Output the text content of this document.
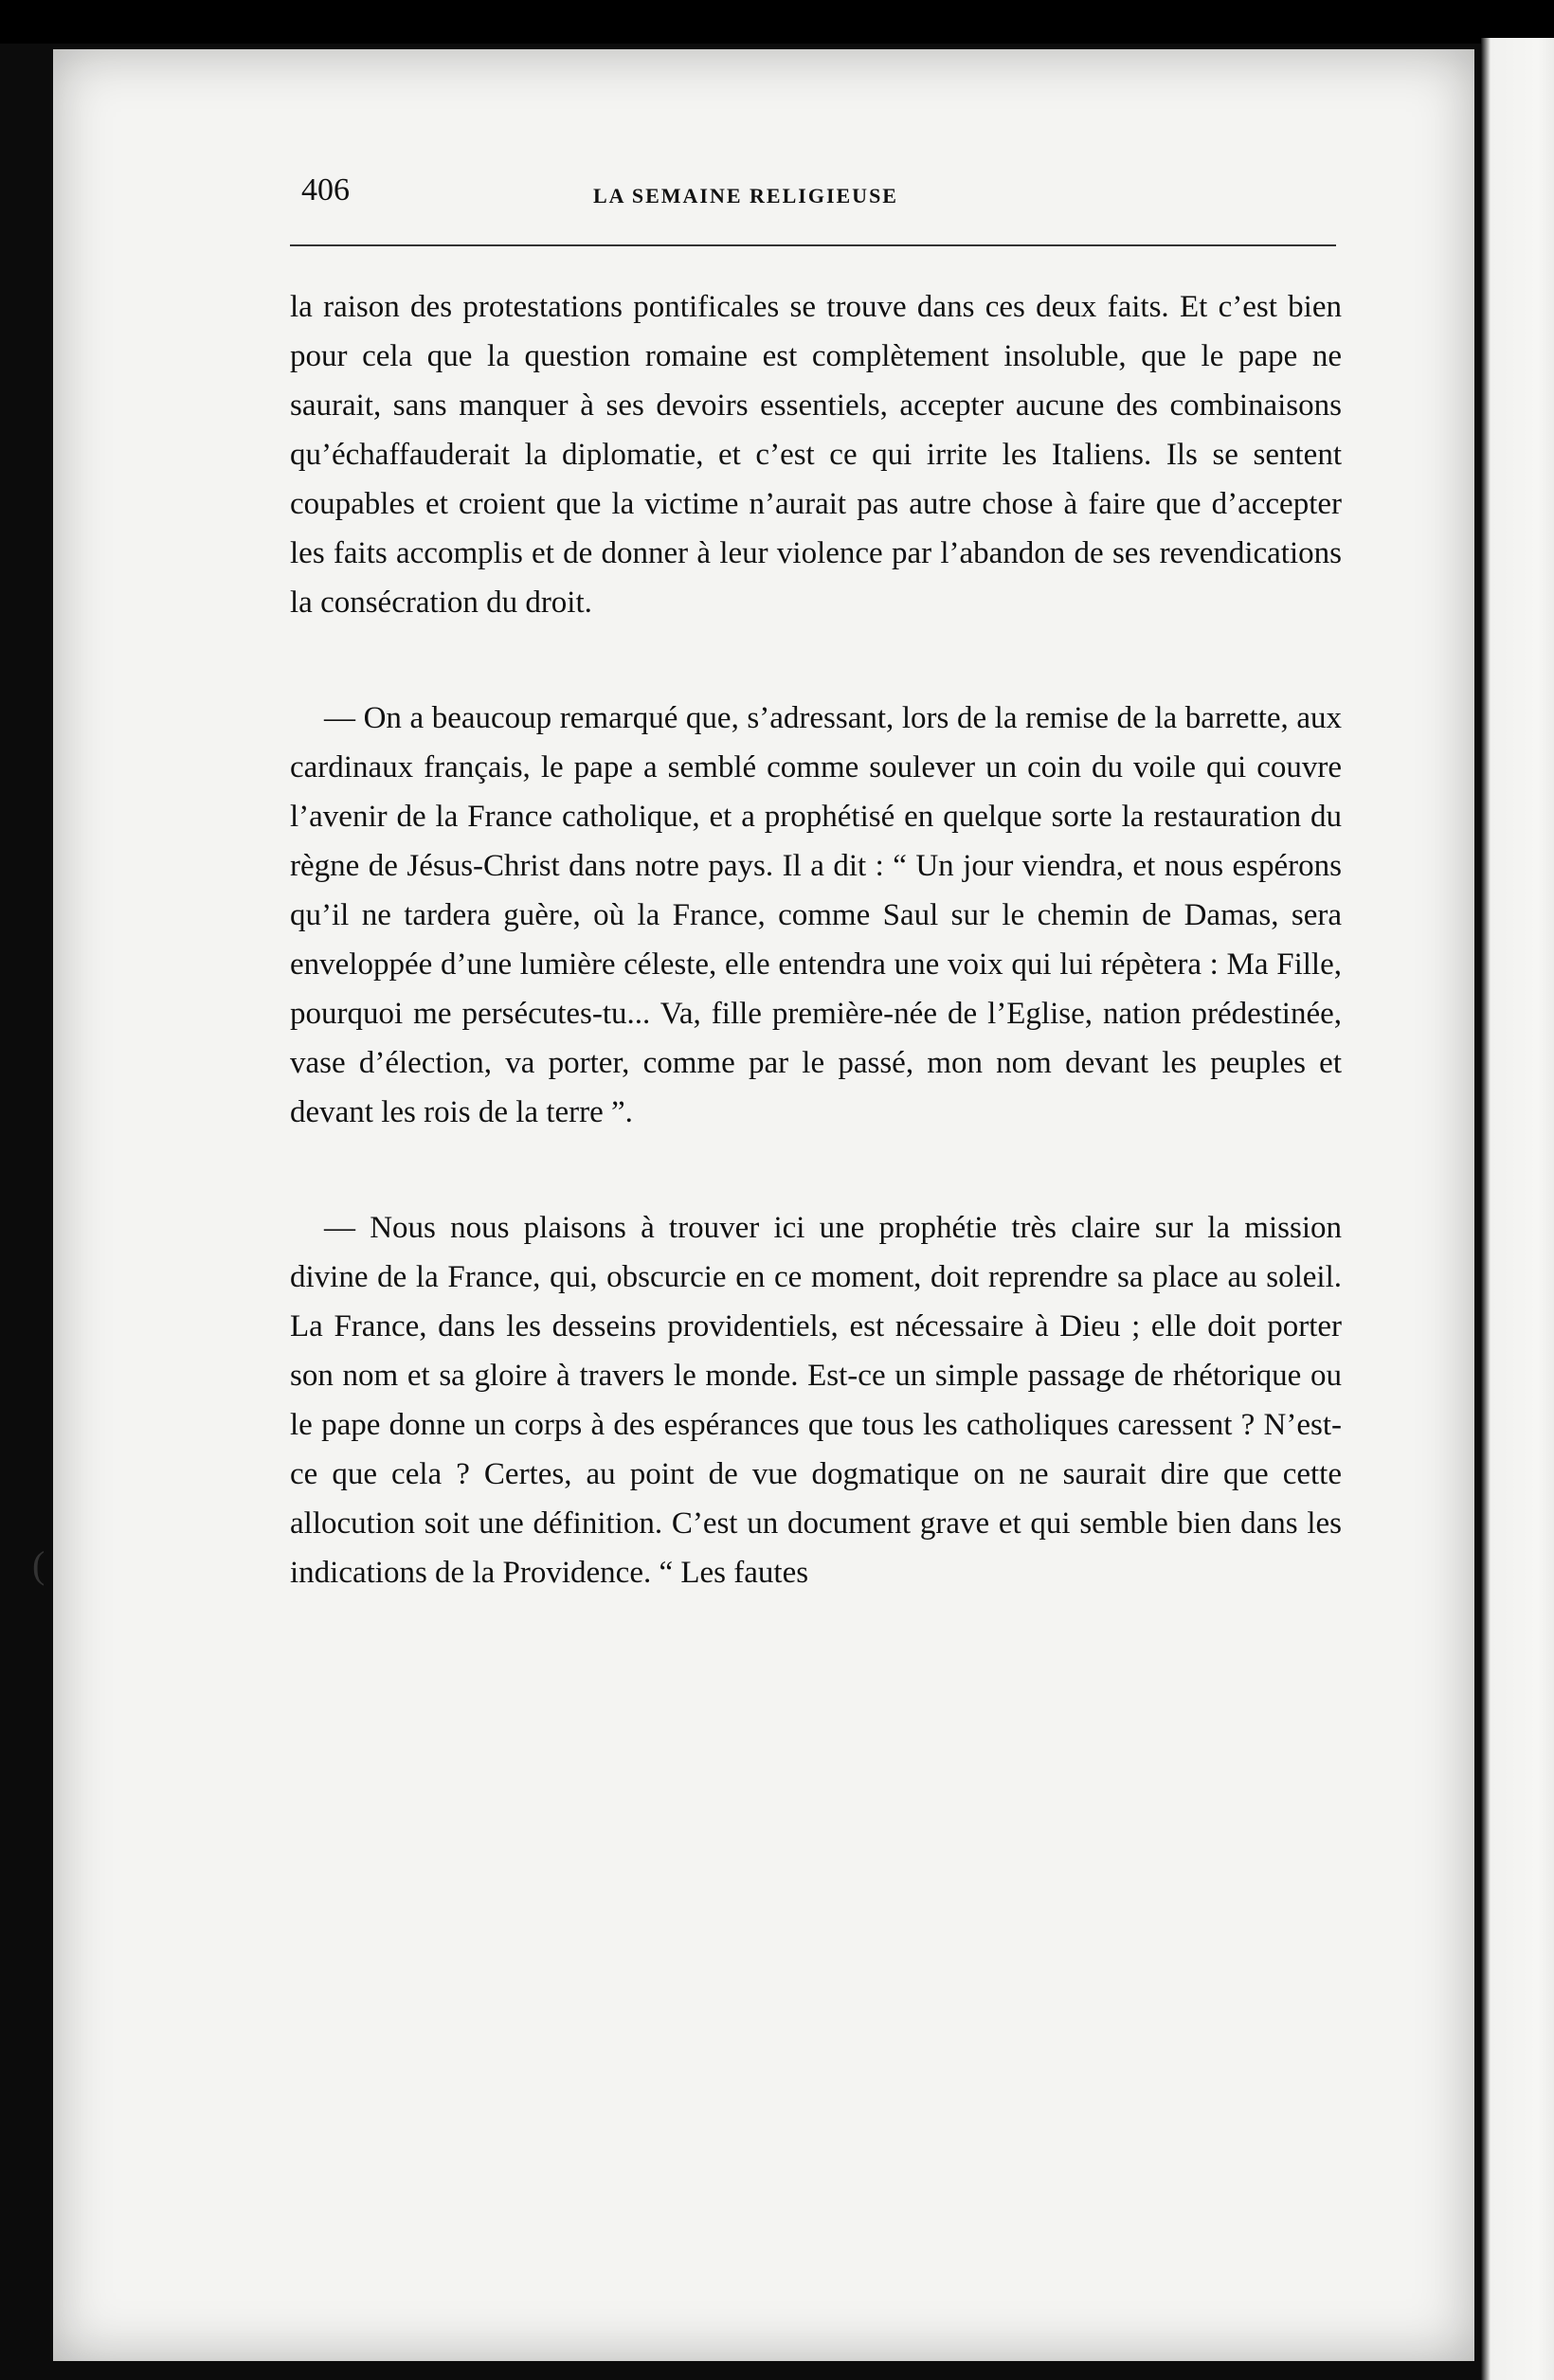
(
406	LA SEMAINE RELIGIEUSE

la raison des protestations pontificales se trouve dans ces deux faits. Et c’est bien pour cela que la question romaine est complètement insoluble, que le pape ne saurait, sans manquer à ses devoirs essentiels, accepter aucune des combinaisons qu’échaffauderait la diplomatie, et c’est ce qui irrite les Italiens. Ils se sentent coupables et croient que la victime n’aurait pas autre chose à faire que d’accepter les faits accomplis et de donner à leur violence par l’abandon de ses revendications la consécration du droit.

— On a beaucoup remarqué que, s’adressant, lors de la remise de la barrette, aux cardinaux français, le pape a semblé comme soulever un coin du voile qui couvre l’avenir de la France catholique, et a prophétisé en quelque sorte la restauration du règne de Jésus-Christ dans notre pays. Il a dit : “ Un jour viendra, et nous espérons qu’il ne tardera guère, où la France, comme Saul sur le chemin de Damas, sera enveloppée d’une lumière céleste, elle entendra une voix qui lui répètera : Ma Fille, pourquoi me persécutes-tu... Va, fille première-née de l’Eglise, nation prédestinée, vase d’élection, va porter, comme par le passé, mon nom devant les peuples et devant les rois de la terre ”.

— Nous nous plaisons à trouver ici une prophétie très claire sur la mission divine de la France, qui, obscurcie en ce moment, doit reprendre sa place au soleil. La France, dans les desseins providentiels, est nécessaire à Dieu ; elle doit porter son nom et sa gloire à travers le monde. Est-ce un simple passage de rhétorique ou le pape donne un corps à des espérances que tous les catholiques caressent ? N’est-ce que cela ? Certes, au point de vue dogmatique on ne saurait dire que cette allocution soit une définition. C’est un document grave et qui semble bien dans les indications de la Providence. “ Les fautes
